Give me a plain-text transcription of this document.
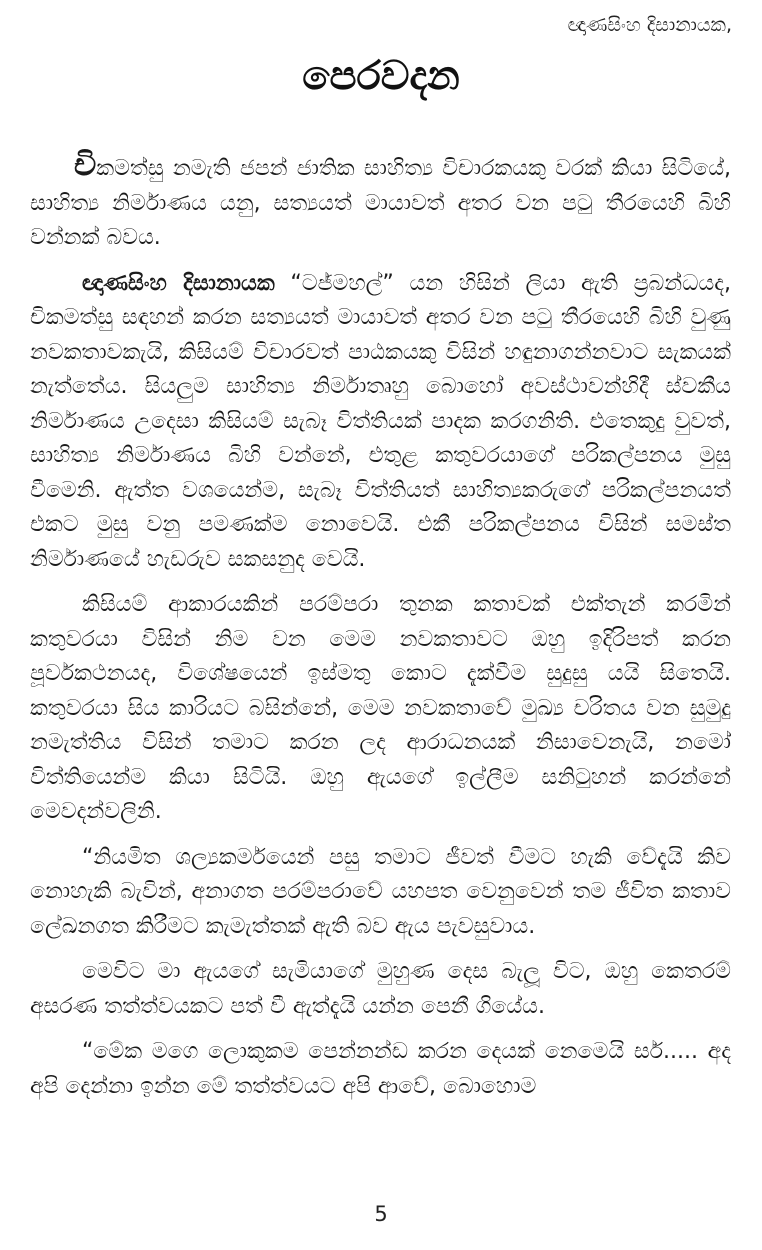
ඥාණසිංහ දිසානායක,
පෙරවදන

චිකමත්සු නමැති ජපන් ජාතික සාහිත්‍ය විචාරකයකු වරක් කියා සිටියේ, සාහිත්‍ය නිර්මාණය යනු, සත්‍යයත් මායාවත් අතර වන පටු තීරයෙහි බිහි වන්නක් බවය.

ඥාණසිංහ දිසානායක “ටජ්මහල්” යන හිසින් ලියා ඇති ප්‍රබන්ධයද, චිකමත්සු සඳහන් කරන සත්‍යයත් මායාවත් අතර වන පටු තීරයෙහි බිහි වුණු නවකතාවකැයි, කිසියම් විචාරවත් පාඨකයකු විසින් හඳුනාගන්නවාට සැකයක් නැත්තේය. සියලුම සාහිත්‍ය නිර්මාතෘහු බොහෝ අවස්ථාවන්හිදී ස්වකීය නිර්මාණය උදෙසා කිසියම් සැබෑ විත්තියක් පාදක කරගනිති. එතෙකුදු වුවත්, සාහිත්‍ය නිර්මාණය බිහි වන්නේ, එතුළ කතුවරයාගේ පරිකල්පනය මුසු වීමෙනි. ඇත්ත වශයෙන්ම, සැබෑ විත්තියත් සාහිත්‍යකරුගේ පරිකල්පනයත් එකට මුසු වනු පමණක්ම නොවෙයි. එකී පරිකල්පනය විසින් සමස්ත නිර්මාණයේ හැඩරුව සකසනුද වෙයි.

කිසියම් ආකාරයකින් පරම්පරා තුනක කතාවක් එක්තැන් කරමින් කතුවරයා විසින් නිම වන මෙම නවකතාවට ඔහු ඉදිරිපත් කරන පූර්වකථනයද, විශේෂයෙන් ඉස්මතු කොට දැක්වීම සුදුසු යයි සිතෙයි. කතුවරයා සිය කාරියට බසින්නේ, මෙම නවකතාවේ මුඛ්‍ය චරිතය වන සුමුදු නමැත්තිය විසින් තමාට කරන ලද ආරාධනයක් නිසාවෙනැයි, නමෝ විත්තියෙන්ම කියා සිටියි. ඔහු ඇයගේ ඉල්ලීම සනිටුහන් කරන්නේ මෙවදන්වලිනි.

“නියමිත ශල්‍යකර්මයෙන් පසු තමාට ජීවත් වීමට හැකි වේදැයි කිව නොහැකි බැවින්, අනාගත පරම්පරාවේ යහපත වෙනුවෙන් තම ජීවිත කතාව ලේඛනගත කිරීමට කැමැත්තක් ඇති බව ඇය පැවසුවාය.

මෙවිට මා ඇයගේ සැමියාගේ මුහුණ දෙස බැලූ විට, ඔහු කෙතරම් අසරණ තත්ත්වයකට පත් වී ඇත්දැයි යන්න පෙනී ගියේය.

“මේක මගෙ ලොකුකම පෙන්නන්ඩ කරන දෙයක් නෙමෙයි සර්..... අද අපි දෙන්නා ඉන්න මේ තත්ත්වයට අපි ආවේ, බොහොම

5
